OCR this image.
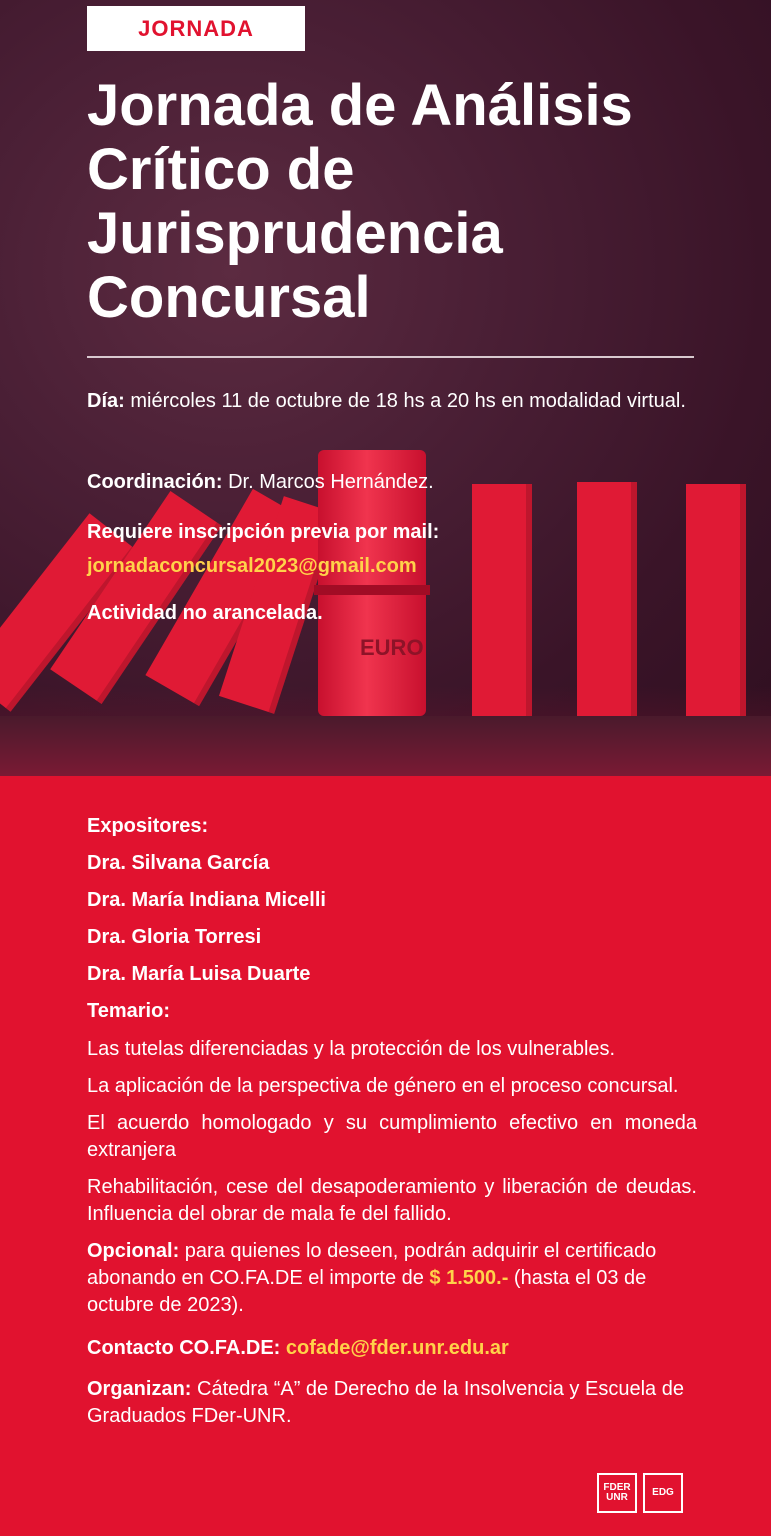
EURO
JORNADA
Jornada de Análisis Crítico de Jurisprudencia Concursal
Día: miércoles 11 de octubre de 18 hs a 20 hs en modalidad virtual.
Coordinación: Dr. Marcos Hernández.
Requiere inscripción previa por mail:
jornadaconcursal2023@gmail.com
Actividad no arancelada.

Expositores:

Dra. Silvana García

Dra. María Indiana Micelli

Dra. Gloria Torresi

Dra. María Luisa Duarte

Temario:

Las tutelas diferenciadas y la protección de los vulnerables.

La aplicación de la perspectiva de género en el proceso concursal.

El acuerdo homologado y su cumplimiento efectivo en moneda extranjera

Rehabilitación, cese del desapoderamiento y liberación de deudas. Influencia del obrar de mala fe del fallido.

Opcional: para quienes lo deseen, podrán adquirir el certificado abonando en CO.FA.DE el importe de $ 1.500.- (hasta el 03 de octubre de 2023).

Contacto CO.FA.DE: cofade@fder.unr.edu.ar

Organizan: Cátedra “A” de Derecho de la Insolvencia y Escuela de Graduados FDer-UNR.

FDER
UNR EDG
